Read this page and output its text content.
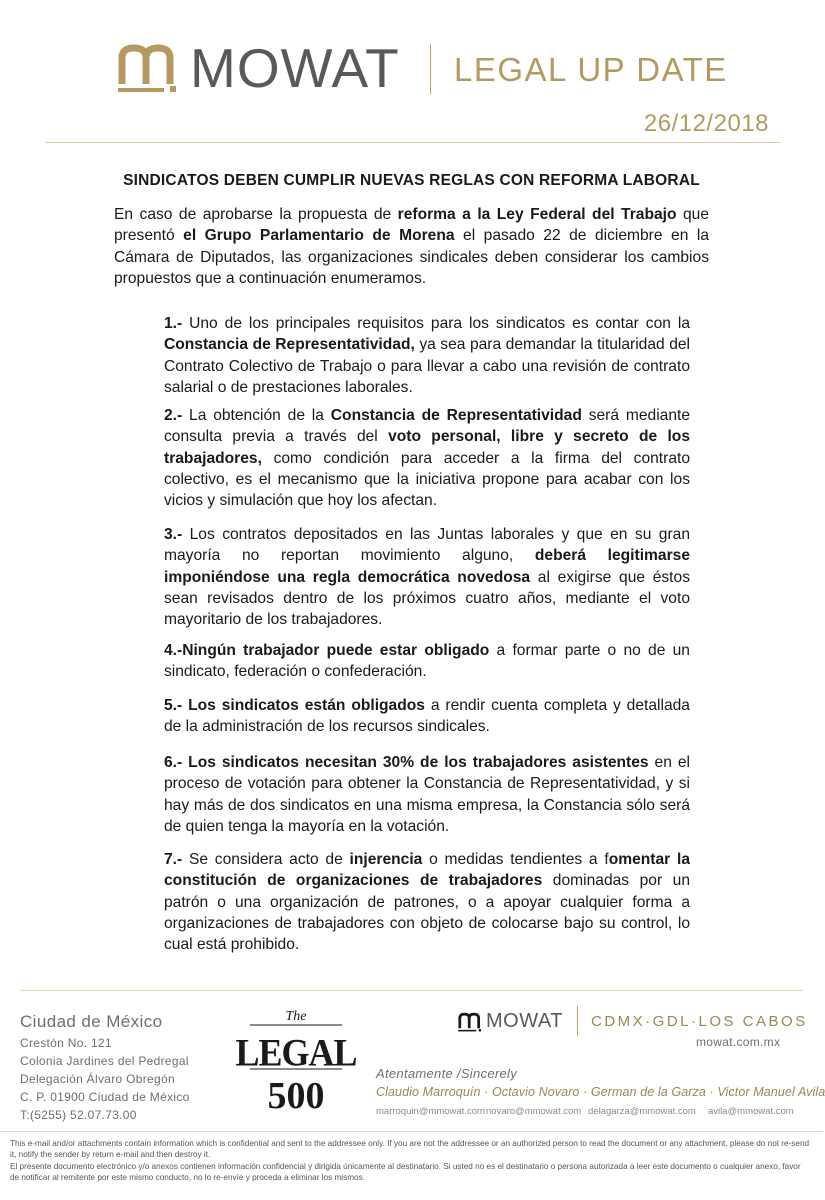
MOWAT LEGAL UP DATE
26/12/2018
SINDICATOS DEBEN CUMPLIR NUEVAS REGLAS CON REFORMA LABORAL
En caso de aprobarse la propuesta de reforma a la Ley Federal del Trabajo que presentó el Grupo Parlamentario de Morena el pasado 22 de diciembre en la Cámara de Diputados, las organizaciones sindicales deben considerar los cambios propuestos que a continuación enumeramos.
1.- Uno de los principales requisitos para los sindicatos es contar con la Constancia de Representatividad, ya sea para demandar la titularidad del Contrato Colectivo de Trabajo o para llevar a cabo una revisión de contrato salarial o de prestaciones laborales.
2.- La obtención de la Constancia de Representatividad será mediante consulta previa a través del voto personal, libre y secreto de los trabajadores, como condición para acceder a la firma del contrato colectivo, es el mecanismo que la iniciativa propone para acabar con los vicios y simulación que hoy los afectan.
3.- Los contratos depositados en las Juntas laborales y que en su gran mayoría no reportan movimiento alguno, deberá legitimarse imponiéndose una regla democrática novedosa al exigirse que éstos sean revisados dentro de los próximos cuatro años, mediante el voto mayoritario de los trabajadores.
4.-Ningún trabajador puede estar obligado a formar parte o no de un sindicato, federación o confederación.
5.- Los sindicatos están obligados a rendir cuenta completa y detallada de la administración de los recursos sindicales.
6.- Los sindicatos necesitan 30% de los trabajadores asistentes en el proceso de votación para obtener la Constancia de Representatividad, y si hay más de dos sindicatos en una misma empresa, la Constancia sólo será de quien tenga la mayoría en la votación.
7.- Se considera acto de injerencia o medidas tendientes a fomentar la constitución de organizaciones de trabajadores dominadas por un patrón o una organización de patrones, o a apoyar cualquier forma a organizaciones de trabajadores con objeto de colocarse bajo su control, lo cual está prohibido.
Ciudad de México
Crestón No. 121
Colonia Jardines del Pedregal
Delegación Álvaro Obregón
C. P. 01900 Ciudad de México
T:(5255) 52.07.73.00
The
LEGAL
500
MOWAT CDMX·GDL·LOS CABOS
mowat.com.mx
Atentamente /Sincerely
Claudio Marroquín · Octavio Novaro · German de la Garza · Victor Manuel Avila
marroquin@mmowat.com novaro@mmowat.com delagarza@mmowat.com avila@mmowat.com
This e-mail and/or attachments contain information which is confidential and sent to the addressee only. If you are not the addressee or an authorized person to read the document or any attachment, please do not re-send it, notify the sender by return e-mail and then destroy it.
El presente documento electrónico y/o anexos contienen información confidencial y dirigida únicamente al destinatario. Si usted no es el destinatario o persona autorizada a leer este documento o cualquier anexo, favor de notificar al remitente por este mismo conducto, no lo re-envíe y proceda a eliminar los mismos.
